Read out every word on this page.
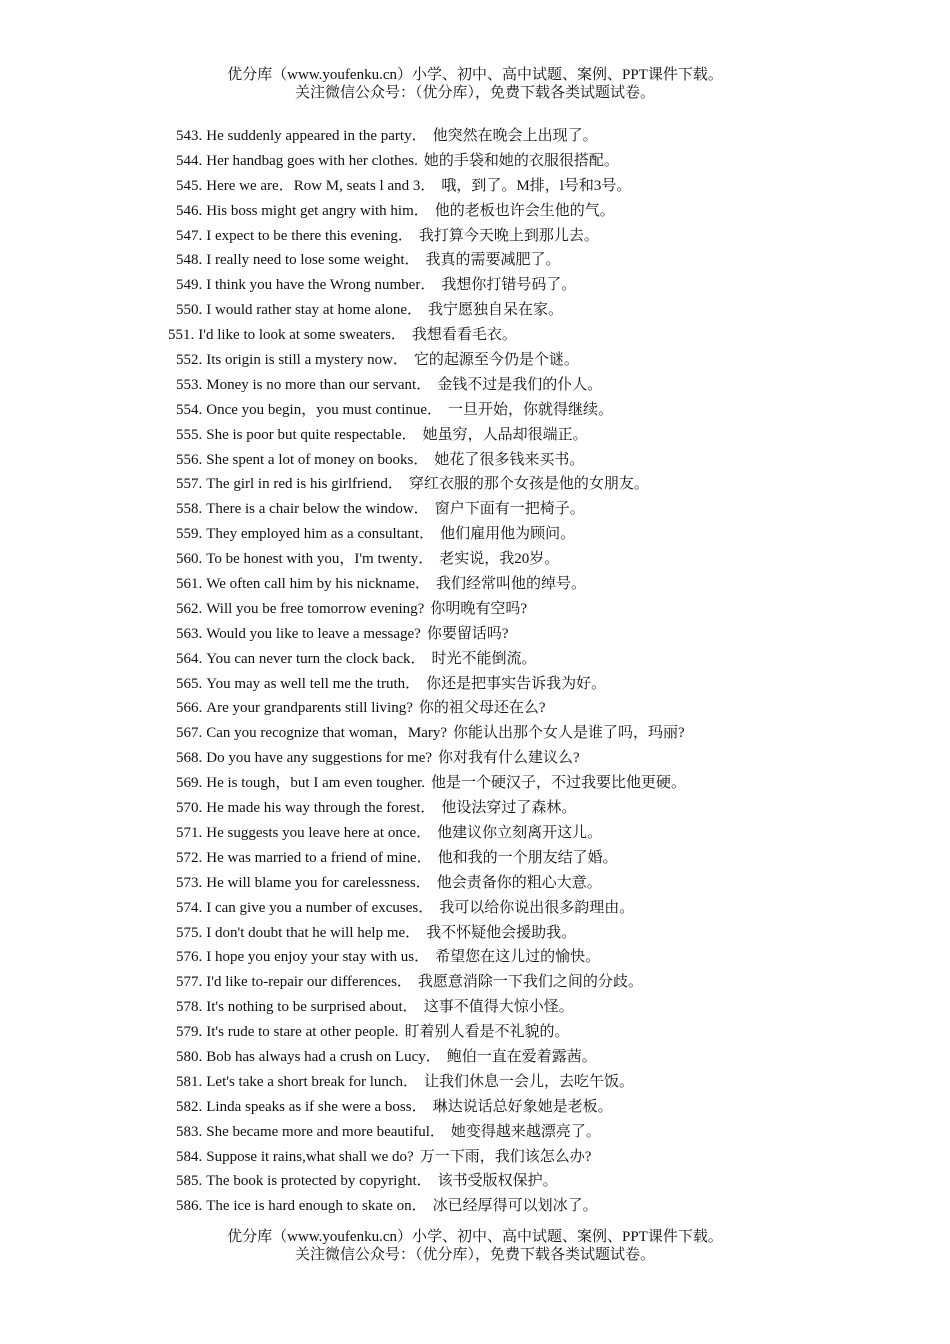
优分库（www.youfenku.cn）小学、初中、高中试题、案例、PPT课件下载。
关注微信公众号：（优分库），免费下载各类试题试卷。
543. He suddenly appeared in the party． 他突然在晚会上出现了。
544. Her handbag goes with her clothes. 她的手袋和她的衣服很搭配。
545. Here we are．Row M, seats l and 3． 哦，到了。M排，l号和3号。
546. His boss might get angry with him． 他的老板也许会生他的气。
547. I expect to be there this evening． 我打算今天晚上到那儿去。
548. I really need to lose some weight． 我真的需要减肥了。
549. I think you have the Wrong number． 我想你打错号码了。
550. I would rather stay at home alone． 我宁愿独自呆在家。
551. I'd like to look at some sweaters． 我想看看毛衣。
552. Its origin is still a mystery now． 它的起源至今仍是个谜。
553. Money is no more than our servant． 金钱不过是我们的仆人。
554. Once you begin，you must continue． 一旦开始，你就得继续。
555. She is poor but quite respectable． 她虽穷，人品却很端正。
556. She spent a lot of money on books． 她花了很多钱来买书。
557. The girl in red is his girlfriend． 穿红衣服的那个女孩是他的女朋友。
558. There is a chair below the window． 窗户下面有一把椅子。
559. They employed him as a consultant． 他们雇用他为顾问。
560. To be honest with you，I'm twenty． 老实说，我20岁。
561. We often call him by his nickname． 我们经常叫他的绰号。
562. Will you be free tomorrow evening? 你明晚有空吗?
563. Would you like to leave a message? 你要留话吗?
564. You can never turn the clock back． 时光不能倒流。
565. You may as well tell me the truth． 你还是把事实告诉我为好。
566. Are your grandparents still living? 你的祖父母还在么?
567. Can you recognize that woman，Mary? 你能认出那个女人是谁了吗，玛丽?
568. Do you have any suggestions for me? 你对我有什么建议么?
569. He is tough，but I am even tougher. 他是一个硬汉子，不过我要比他更硬。
570. He made his way through the forest． 他设法穿过了森林。
571. He suggests you leave here at once． 他建议你立刻离开这儿。
572. He was married to a friend of mine． 他和我的一个朋友结了婚。
573. He will blame you for carelessness． 他会责备你的粗心大意。
574. I can give you a number of excuses． 我可以给你说出很多韵理由。
575. I don't doubt that he will help me． 我不怀疑他会援助我。
576. I hope you enjoy your stay with us． 希望您在这儿过的愉快。
577. I'd like to-repair our differences． 我愿意消除一下我们之间的分歧。
578. It's nothing to be surprised about． 这事不值得大惊小怪。
579. It's rude to stare at other people. 盯着别人看是不礼貌的。
580. Bob has always had a crush on Lucy． 鲍伯一直在爱着露茜。
581. Let's take a short break for lunch． 让我们休息一会儿，去吃午饭。
582. Linda speaks as if she were a boss． 琳达说话总好象她是老板。
583. She became more and more beautiful． 她变得越来越漂亮了。
584. Suppose it rains,what shall we do? 万一下雨，我们该怎么办?
585. The book is protected by copyright． 该书受版权保护。
586. The ice is hard enough to skate on． 冰已经厚得可以划冰了。
优分库（www.youfenku.cn）小学、初中、高中试题、案例、PPT课件下载。
关注微信公众号：（优分库），免费下载各类试题试卷。
